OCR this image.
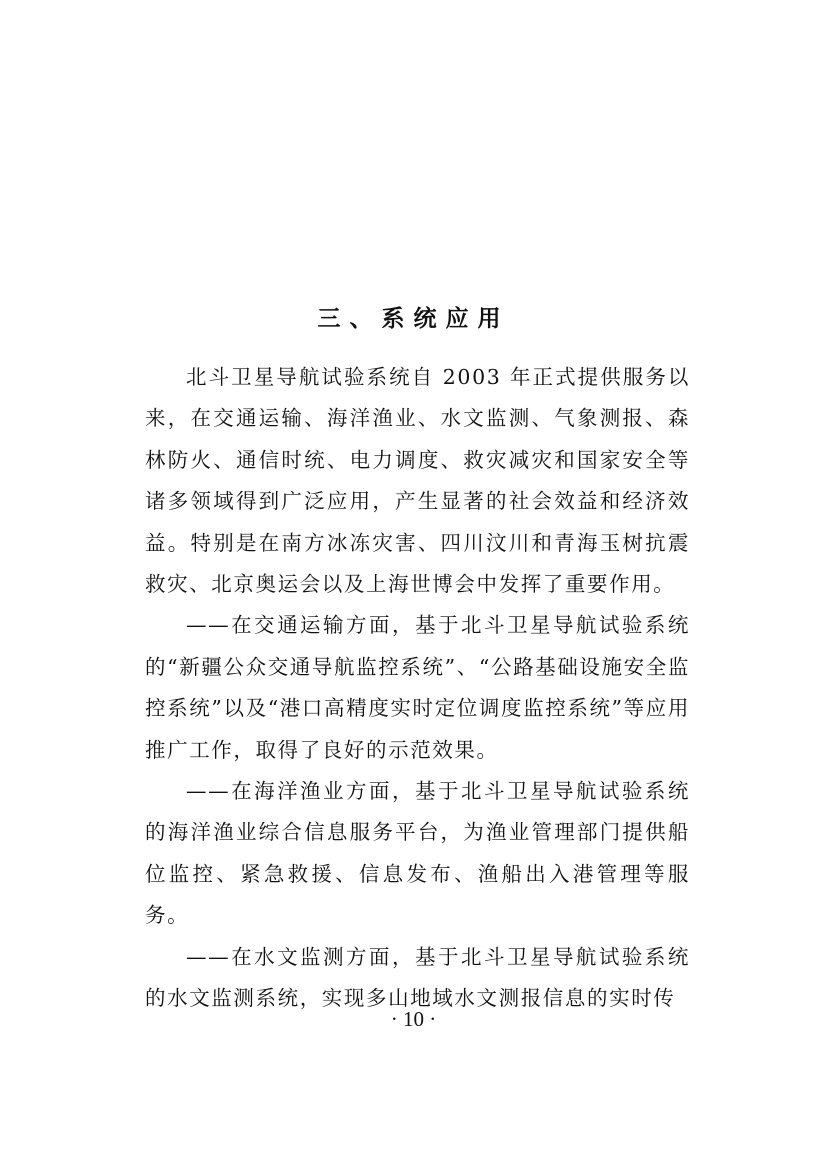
三、系统应用

北斗卫星导航试验系统自 2003 年正式提供服务以来，在交通运输、海洋渔业、水文监测、气象测报、森林防火、通信时统、电力调度、救灾减灾和国家安全等诸多领域得到广泛应用，产生显著的社会效益和经济效益。特别是在南方冰冻灾害、四川汶川和青海玉树抗震救灾、北京奥运会以及上海世博会中发挥了重要作用。

——在交通运输方面，基于北斗卫星导航试验系统的“新疆公众交通导航监控系统”、“公路基础设施安全监控系统”以及“港口高精度实时定位调度监控系统”等应用推广工作，取得了良好的示范效果。

——在海洋渔业方面，基于北斗卫星导航试验系统的海洋渔业综合信息服务平台，为渔业管理部门提供船位监控、紧急救援、信息发布、渔船出入港管理等服务。

——在水文监测方面，基于北斗卫星导航试验系统的水文监测系统，实现多山地域水文测报信息的实时传

· 10 ·
